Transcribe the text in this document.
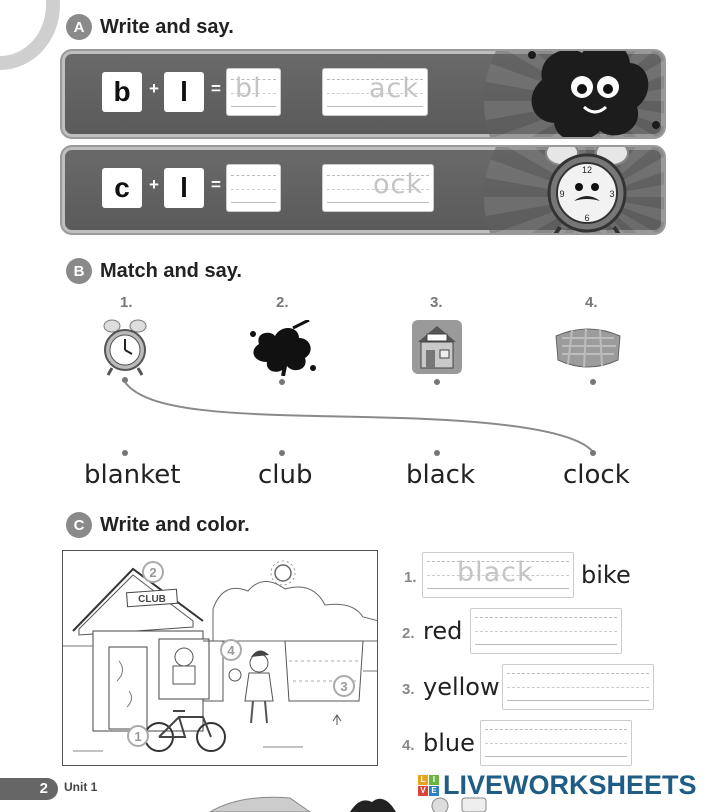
A Write and say.
b	+ l	= bl	ack
c	+ l	=	ock	12
3
6
9
B Match and say.
1.	2.	3.	4.
blanket	club	black	clock
C Write and color.
CLUB
2
4
3
1
1. black bike
2. red
3. yellow
4. blue
2	Unit 1
L I
V E LIVEWORKSHEETS
